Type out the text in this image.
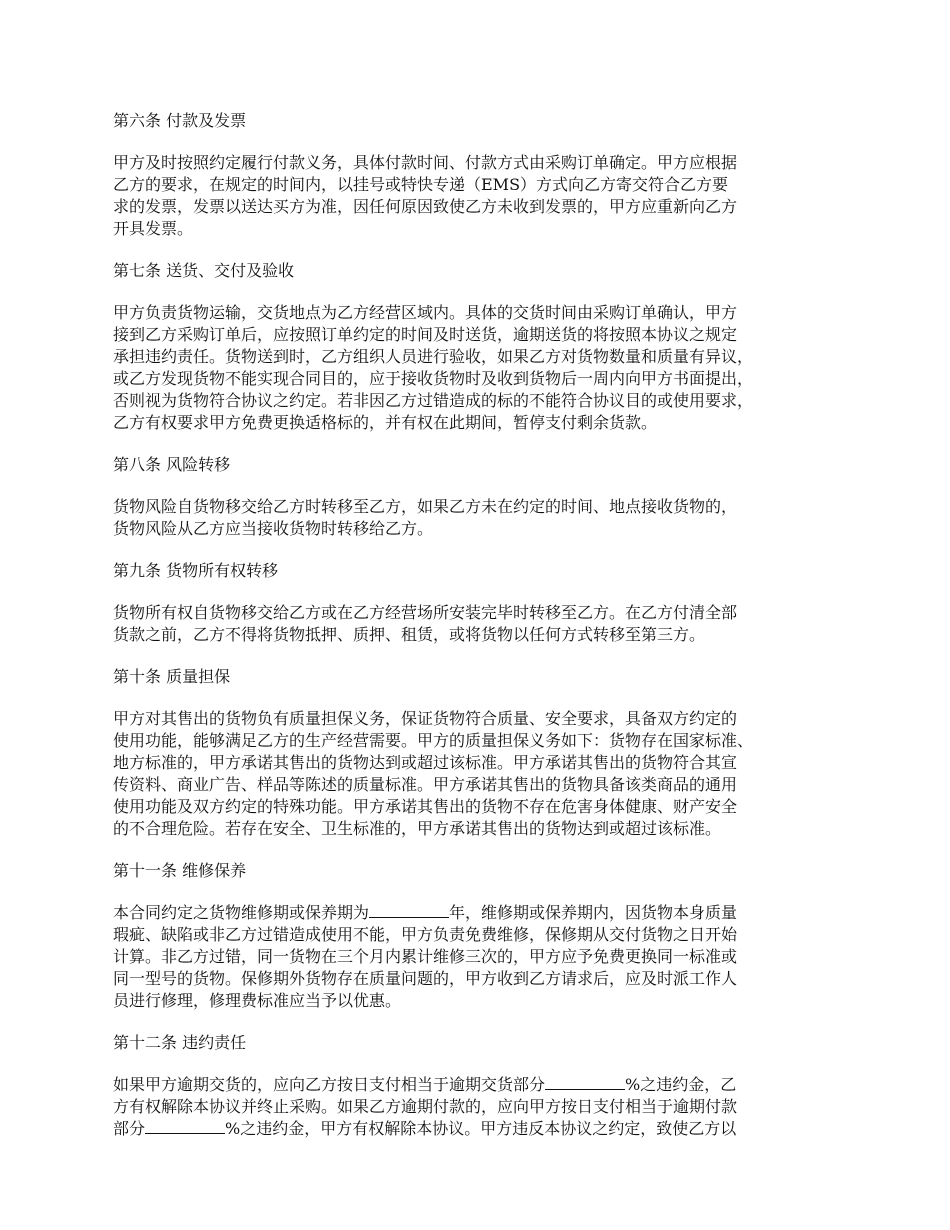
第六条 付款及发票
甲方及时按照约定履行付款义务，具体付款时间、付款方式由采购订单确定。甲方应根据
乙方的要求，在规定的时间内，以挂号或特快专递（EMS）方式向乙方寄交符合乙方要
求的发票，发票以送达买方为准，因任何原因致使乙方未收到发票的，甲方应重新向乙方
开具发票。
第七条 送货、交付及验收
甲方负责货物运输，交货地点为乙方经营区域内。具体的交货时间由采购订单确认，甲方
接到乙方采购订单后，应按照订单约定的时间及时送货，逾期送货的将按照本协议之规定
承担违约责任。货物送到时，乙方组织人员进行验收，如果乙方对货物数量和质量有异议，
或乙方发现货物不能实现合同目的，应于接收货物时及收到货物后一周内向甲方书面提出，
否则视为货物符合协议之约定。若非因乙方过错造成的标的不能符合协议目的或使用要求，
乙方有权要求甲方免费更换适格标的，并有权在此期间，暂停支付剩余货款。
第八条 风险转移
货物风险自货物移交给乙方时转移至乙方，如果乙方未在约定的时间、地点接收货物的，
货物风险从乙方应当接收货物时转移给乙方。
第九条 货物所有权转移
货物所有权自货物移交给乙方或在乙方经营场所安装完毕时转移至乙方。在乙方付清全部
货款之前，乙方不得将货物抵押、质押、租赁，或将货物以任何方式转移至第三方。
第十条 质量担保
甲方对其售出的货物负有质量担保义务，保证货物符合质量、安全要求，具备双方约定的
使用功能，能够满足乙方的生产经营需要。甲方的质量担保义务如下：货物存在国家标准、
地方标准的，甲方承诺其售出的货物达到或超过该标准。甲方承诺其售出的货物符合其宣
传资料、商业广告、样品等陈述的质量标准。甲方承诺其售出的货物具备该类商品的通用
使用功能及双方约定的特殊功能。甲方承诺其售出的货物不存在危害身体健康、财产安全
的不合理危险。若存在安全、卫生标准的，甲方承诺其售出的货物达到或超过该标准。
第十一条 维修保养
本合同约定之货物维修期或保养期为	年，维修期或保养期内，因货物本身质量
瑕疵、缺陷或非乙方过错造成使用不能，甲方负责免费维修，保修期从交付货物之日开始
计算。非乙方过错，同一货物在三个月内累计维修三次的，甲方应予免费更换同一标准或
同一型号的货物。保修期外货物存在质量问题的，甲方收到乙方请求后，应及时派工作人
员进行修理，修理费标准应当予以优惠。
第十二条 违约责任
如果甲方逾期交货的，应向乙方按日支付相当于逾期交货部分	%之违约金，乙
方有权解除本协议并终止采购。如果乙方逾期付款的，应向甲方按日支付相当于逾期付款
部分	%之违约金，甲方有权解除本协议。甲方违反本协议之约定，致使乙方以
